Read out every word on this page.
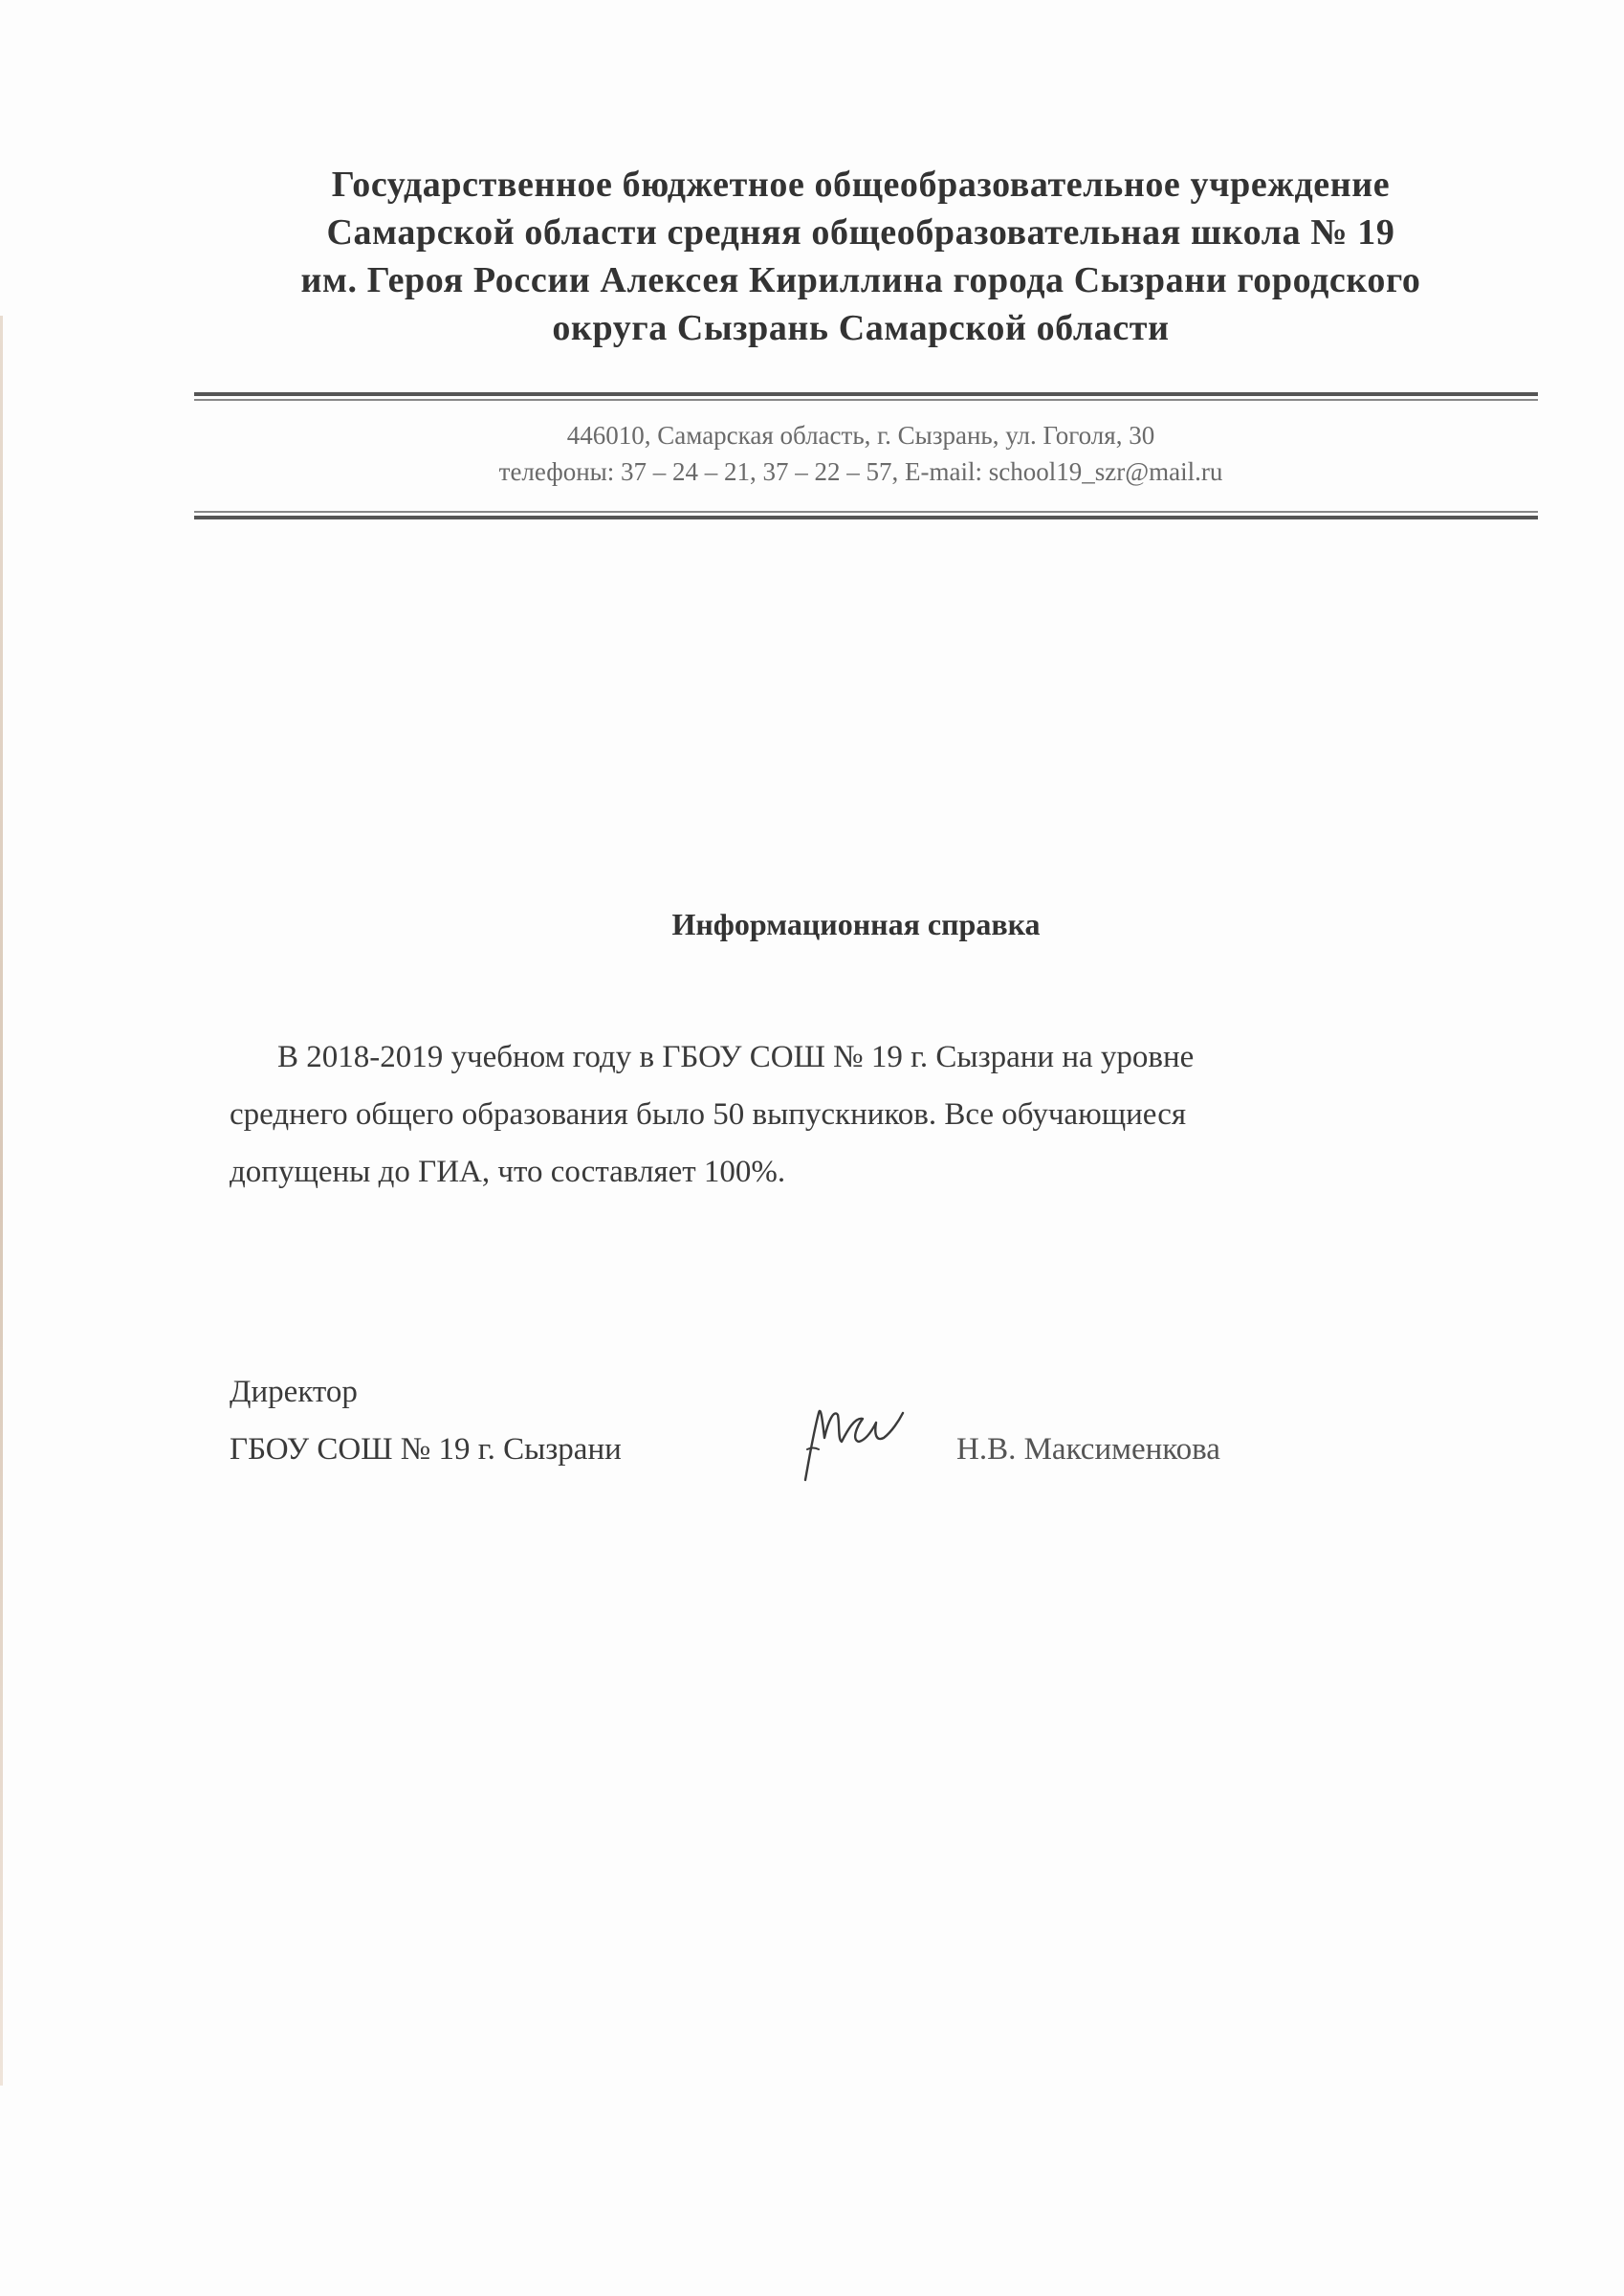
Государственное бюджетное общеобразовательное учреждение
Самарской области средняя общеобразовательная школа № 19
им. Героя России Алексея Кириллина города Сызрани городского
округа Сызрань Самарской области
446010, Самарская область, г. Сызрань, ул. Гоголя, 30
телефоны: 37 – 24 – 21, 37 – 22 – 57, E-mail: school19_szr@mail.ru
Информационная справка
В 2018-2019 учебном году в ГБОУ СОШ № 19 г. Сызрани на уровне
среднего общего образования было 50 выпускников. Все обучающиеся
допущены до ГИА, что составляет 100%.
Директор
ГБОУ СОШ № 19 г. Сызрани	Н.В. Максименкова
